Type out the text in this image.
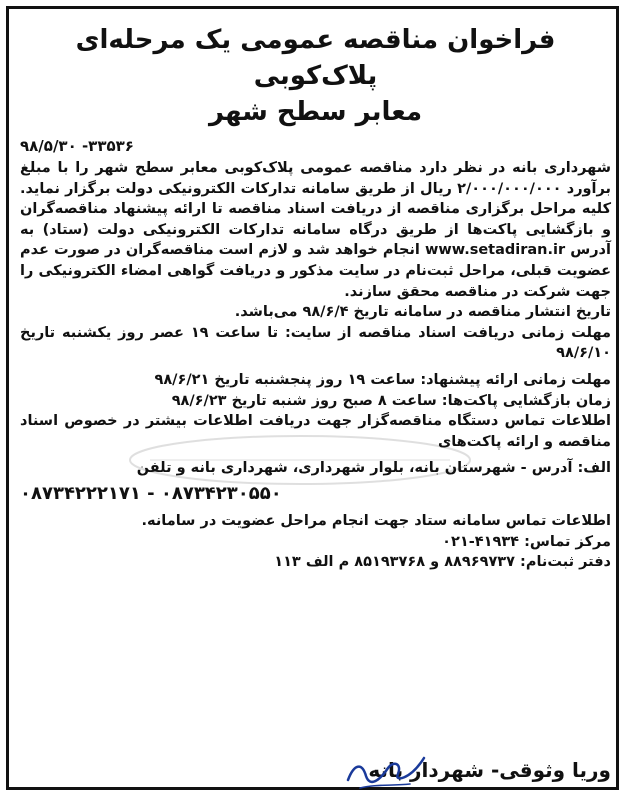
فراخوان مناقصه عمومی یک مرحله‌ای پلاک‌کوبی
معابر سطح شهر
۹۸/۵/۳۰ -۳۳۵۳۶

شهرداری بانه در نظر دارد مناقصه عمومی پلاک‌کوبی معابر سطح شهر را با مبلغ برآورد ۲/۰۰۰/۰۰۰/۰۰۰ ریال از طریق سامانه تدارکات الکترونیکی دولت برگزار نماید. کلیه مراحل برگزاری مناقصه از دریافت اسناد مناقصه تا ارائه پیشنهاد مناقصه‌گران و بازگشایی پاکت‌ها از طریق درگاه سامانه تدارکات الکترونیکی دولت (ستاد) به آدرس www.setadiran.ir انجام خواهد شد و لازم است مناقصه‌گران در صورت عدم عضویت قبلی، مراحل ثبت‌نام در سایت مذکور و دریافت گواهی امضاء الکترونیکی را جهت شرکت در مناقصه محقق سازند.

تاریخ انتشار مناقصه در سامانه تاریخ ۹۸/۶/۴ می‌باشد.

مهلت زمانی دریافت اسناد مناقصه از سایت: تا ساعت ۱۹ عصر روز یکشنبه تاریخ ۹۸/۶/۱۰

مهلت زمانی ارائه پیشنهاد: ساعت ۱۹ روز پنجشنبه تاریخ ۹۸/۶/۲۱

زمان بازگشایی پاکت‌ها: ساعت ۸ صبح روز شنبه تاریخ ۹۸/۶/۲۳

اطلاعات تماس دستگاه مناقصه‌گزار جهت دریافت اطلاعات بیشتر در خصوص اسناد مناقصه و ارائه پاکت‌های

الف: آدرس - شهرستان بانه، بلوار شهرداری، شهرداری بانه و تلفن

۰۸۷۳۴۲۲۲۱۷۱ - ۰۸۷۳۴۲۳۰۵۵۰

اطلاعات تماس سامانه ستاد جهت انجام مراحل عضویت در سامانه.

مرکز تماس: ۴۱۹۳۴-۰۲۱

دفتر ثبت‌نام: ۸۸۹۶۹۷۳۷ و ۸۵۱۹۳۷۶۸ م الف ۱۱۳

وریا وثوقی- شهردار بانه
